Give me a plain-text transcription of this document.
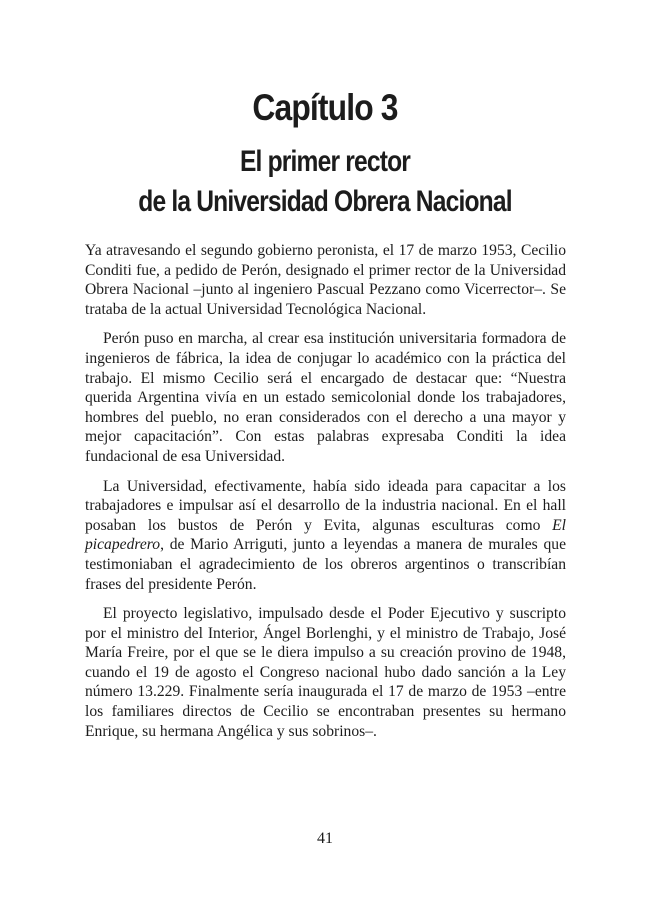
Capítulo 3
El primer rector
de la Universidad Obrera Nacional

Ya atravesando el segundo gobierno peronista, el 17 de marzo 1953, Cecilio Conditi fue, a pedido de Perón, designado el primer rector de la Universidad Obrera Nacional –junto al ingeniero Pascual Pezzano como Vicerrector–. Se trataba de la actual Universidad Tecnológica Nacional.

Perón puso en marcha, al crear esa institución universitaria formadora de ingenieros de fábrica, la idea de conjugar lo académico con la práctica del trabajo. El mismo Cecilio será el encargado de destacar que: “Nuestra querida Argentina vivía en un estado semicolonial donde los trabajadores, hombres del pueblo, no eran considerados con el derecho a una mayor y mejor capacitación”. Con estas palabras expresaba Conditi la idea fundacional de esa Universidad.

La Universidad, efectivamente, había sido ideada para capacitar a los trabajadores e impulsar así el desarrollo de la industria nacional. En el hall posaban los bustos de Perón y Evita, algunas esculturas como El picapedrero, de Mario Arriguti, junto a leyendas a manera de murales que testimoniaban el agradecimiento de los obreros argentinos o transcribían frases del presidente Perón.

El proyecto legislativo, impulsado desde el Poder Ejecutivo y suscripto por el ministro del Interior, Ángel Borlenghi, y el ministro de Trabajo, José María Freire, por el que se le diera impulso a su creación provino de 1948, cuando el 19 de agosto el Congreso nacional hubo dado sanción a la Ley número 13.229. Finalmente sería inaugurada el 17 de marzo de 1953 –entre los familiares directos de Cecilio se encontraban presentes su hermano Enrique, su hermana Angélica y sus sobrinos–.

41
